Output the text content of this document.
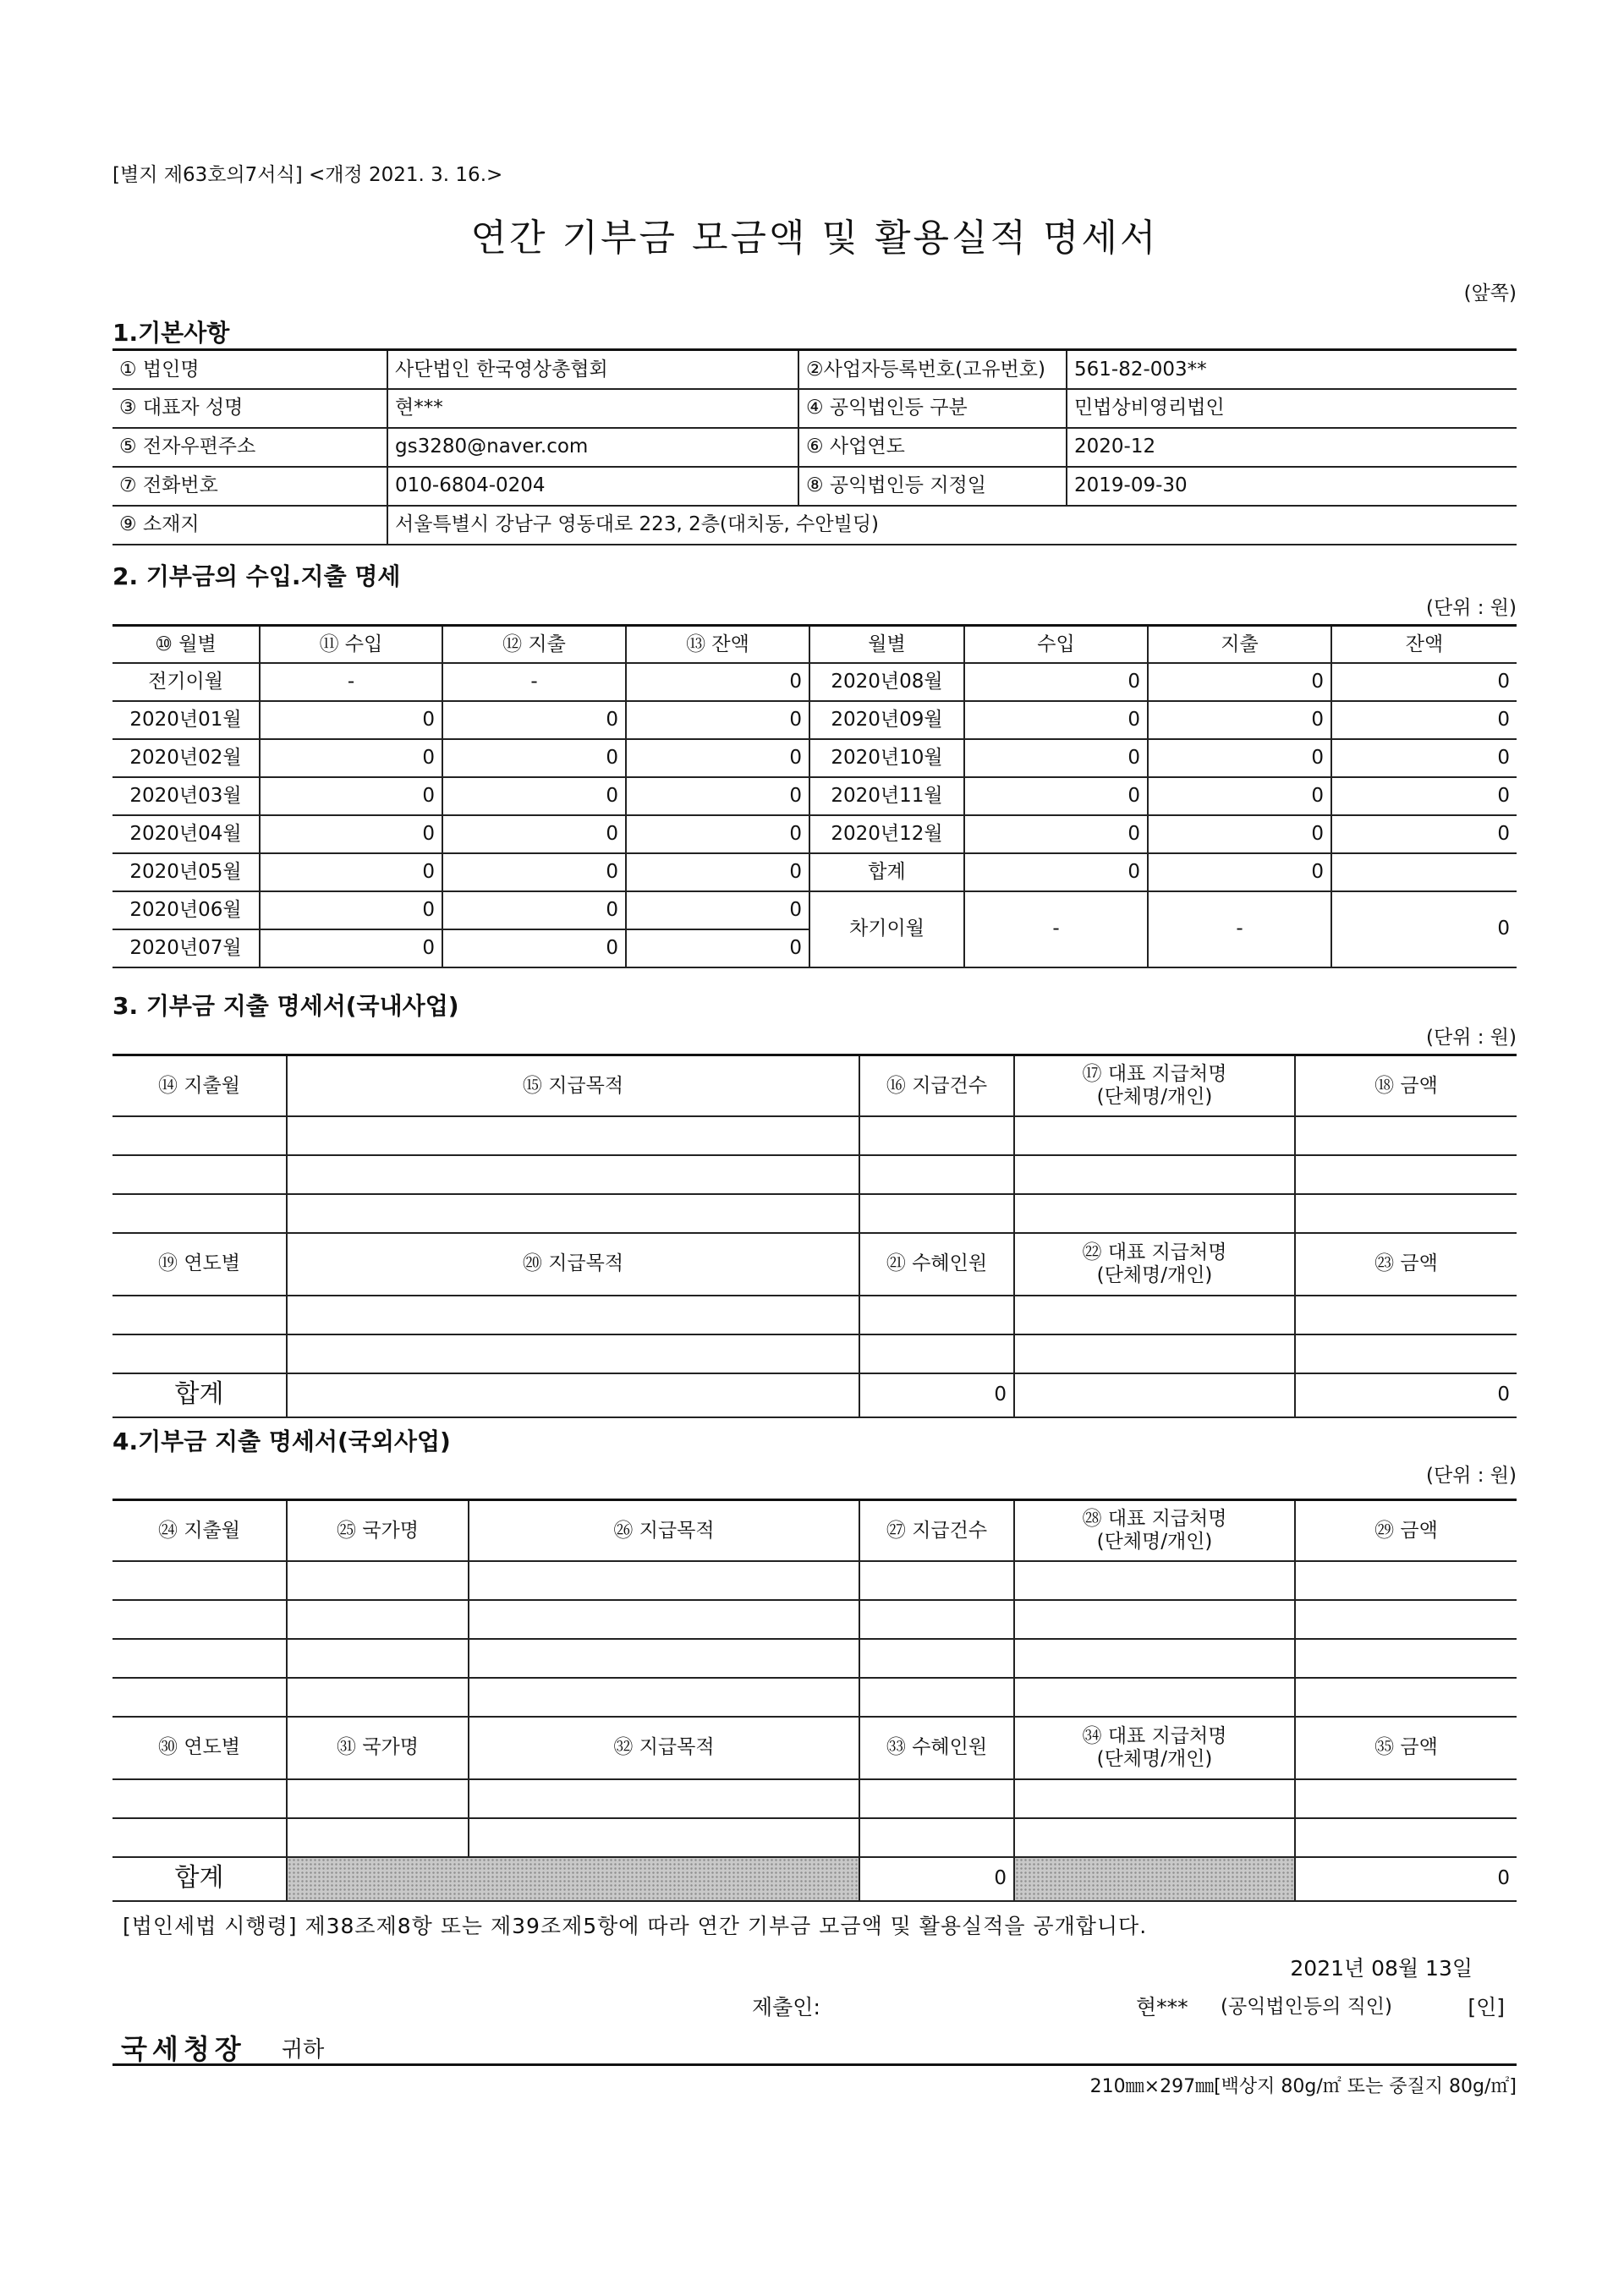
[별지 제63호의7서식] <개정 2021. 3. 16.>
연간 기부금 모금액 및 활용실적 명세서
(앞쪽)
1.기본사항
① 법인명	사단법인 한국영상총협회	②사업자등록번호(고유번호)	561-82-003**
③ 대표자 성명	현***	④ 공익법인등 구분	민법상비영리법인
⑤ 전자우편주소	gs3280@naver.com	⑥ 사업연도	2020-12
⑦ 전화번호	010-6804-0204	⑧ 공익법인등 지정일	2019-09-30
⑨ 소재지	서울특별시 강남구 영동대로 223, 2층(대치동, 수안빌딩)		
2. 기부금의 수입.지출 명세
(단위 : 원)
⑩ 월별	⑪ 수입	⑫ 지출	⑬ 잔액	월별	수입	지출	잔액
전기이월	-	-	0	2020년08월	0	0	0
2020년01월	0	0	0	2020년09월	0	0	0
2020년02월	0	0	0	2020년10월	0	0	0
2020년03월	0	0	0	2020년11월	0	0	0
2020년04월	0	0	0	2020년12월	0	0	0
2020년05월	0	0	0	합계	0	0	
2020년06월	0	0	0	차기이월	-	-	0
2020년07월	0	0	0				
3. 기부금 지출 명세서(국내사업)
(단위 : 원)
⑭ 지출월	⑮ 지급목적	⑯ 지급건수	⑰ 대표 지급처명
(단체명/개인)	⑱ 금액

⑲ 연도별	⑳ 지급목적	㉑ 수혜인원	㉒ 대표 지급처명
(단체명/개인)	㉓ 금액

합계		0		0
4.기부금 지출 명세서(국외사업)
(단위 : 원)
㉔ 지출월	㉕ 국가명	㉖ 지급목적	㉗ 지급건수	㉘ 대표 지급처명
(단체명/개인)	㉙ 금액

㉚ 연도별	㉛ 국가명	㉜ 지급목적	㉝ 수혜인원	㉞ 대표 지급처명
(단체명/개인)	㉟ 금액

합계			0		0
[법인세법 시행령] 제38조제8항 또는 제39조제5항에 따라 연간 기부금 모금액 및 활용실적을 공개합니다.
2021년 08월 13일
제출인:	현*** (공익법인등의 직인)	[인]
국세청장 귀하
210㎜×297㎜[백상지 80g/㎡ 또는 중질지 80g/㎡]
